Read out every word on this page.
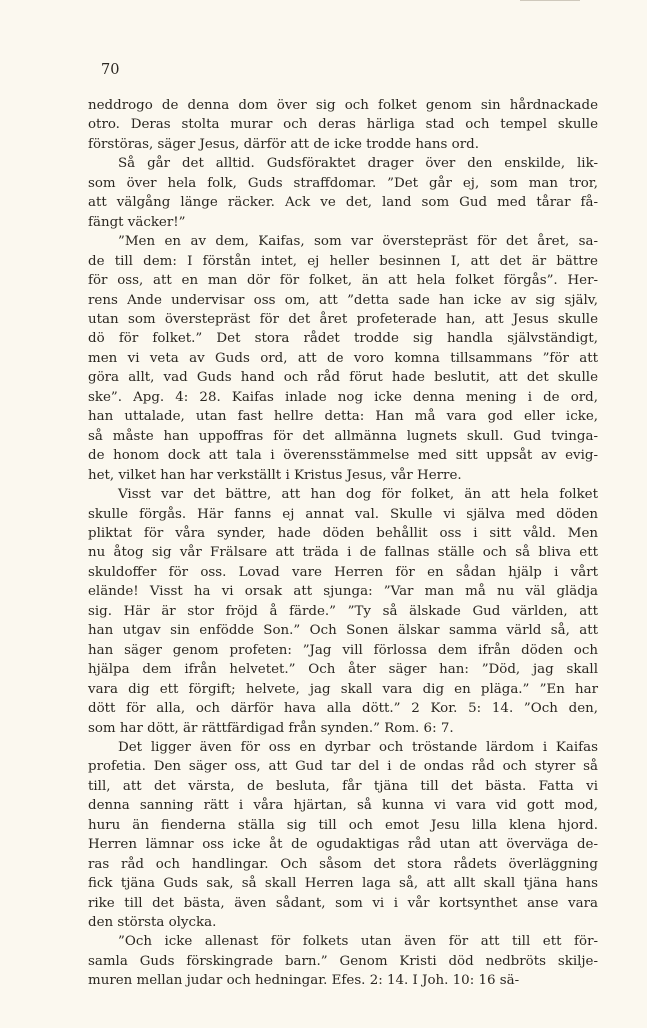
70
neddrogo de denna dom över sig och folket genom sin hårdnackade
otro. Deras stolta murar och deras härliga stad och tempel skulle
förstöras, säger Jesus, därför att de icke trodde hans ord.
Så går det alltid. Gudsföraktet drager över den enskilde, lik-
som över hela folk, Guds straffdomar. ”Det går ej, som man tror,
att välgång länge räcker. Ack ve det, land som Gud med tårar få-
fängt väcker!”
”Men en av dem, Kaifas, som var överstepräst för det året, sa-
de till dem: I förstån intet, ej heller besinnen I, att det är bättre
för oss, att en man dör för folket, än att hela folket förgås”. Her-
rens Ande undervisar oss om, att ”detta sade han icke av sig själv,
utan som överstepräst för det året profeterade han, att Jesus skulle
dö för folket.” Det stora rådet trodde sig handla självständigt,
men vi veta av Guds ord, att de voro komna tillsammans ”för att
göra allt, vad Guds hand och råd förut hade beslutit, att det skulle
ske”. Apg. 4: 28. Kaifas inlade nog icke denna mening i de ord,
han uttalade, utan fast hellre detta: Han må vara god eller icke,
så måste han uppoffras för det allmänna lugnets skull. Gud tvinga-
de honom dock att tala i överensstämmelse med sitt uppsåt av evig-
het, vilket han har verkställt i Kristus Jesus, vår Herre.
Visst var det bättre, att han dog för folket, än att hela folket
skulle förgås. Här fanns ej annat val. Skulle vi själva med döden
pliktat för våra synder, hade döden behållit oss i sitt våld. Men
nu åtog sig vår Frälsare att träda i de fallnas ställe och så bliva ett
skuldoffer för oss. Lovad vare Herren för en sådan hjälp i vårt
elände! Visst ha vi orsak att sjunga: ”Var man må nu väl glädja
sig. Här är stor fröjd å färde.” ”Ty så älskade Gud världen, att
han utgav sin enfödde Son.” Och Sonen älskar samma värld så, att
han säger genom profeten: ”Jag vill förlossa dem ifrån döden och
hjälpa dem ifrån helvetet.” Och åter säger han: ”Död, jag skall
vara dig ett förgift; helvete, jag skall vara dig en pläga.” ”En har
dött för alla, och därför hava alla dött.” 2 Kor. 5: 14. ”Och den,
som har dött, är rättfärdigad från synden.” Rom. 6: 7.
Det ligger även för oss en dyrbar och tröstande lärdom i Kaifas
profetia. Den säger oss, att Gud tar del i de ondas råd och styrer så
till, att det värsta, de besluta, får tjäna till det bästa. Fatta vi
denna sanning rätt i våra hjärtan, så kunna vi vara vid gott mod,
huru än fienderna ställa sig till och emot Jesu lilla klena hjord.
Herren lämnar oss icke åt de ogudaktigas råd utan att överväga de-
ras råd och handlingar. Och såsom det stora rådets överläggning
fick tjäna Guds sak, så skall Herren laga så, att allt skall tjäna hans
rike till det bästa, även sådant, som vi i vår kortsynthet anse vara
den största olycka.
”Och icke allenast för folkets utan även för att till ett för-
samla Guds förskingrade barn.” Genom Kristi död nedbröts skilje-
muren mellan judar och hedningar. Efes. 2: 14. I Joh. 10: 16 sä-
